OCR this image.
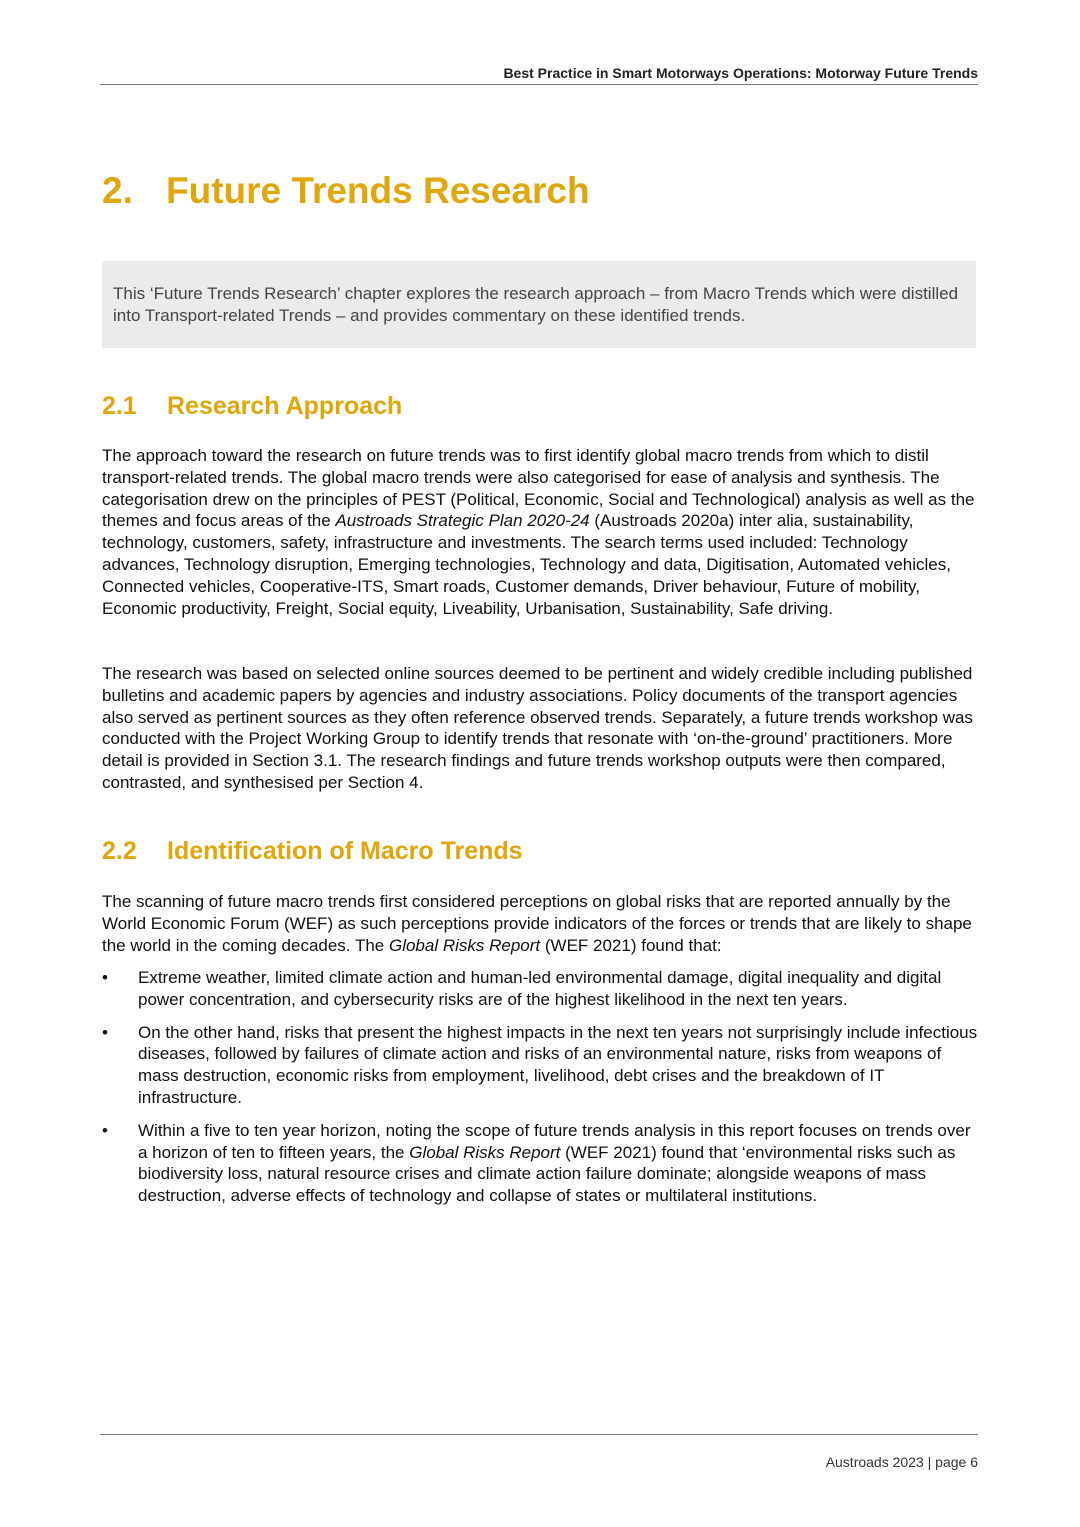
Best Practice in Smart Motorways Operations: Motorway Future Trends
2. Future Trends Research

This ‘Future Trends Research’ chapter explores the research approach – from Macro Trends which were distilled into Transport-related Trends – and provides commentary on these identified trends.

2.1 Research Approach

The approach toward the research on future trends was to first identify global macro trends from which to distil transport-related trends. The global macro trends were also categorised for ease of analysis and synthesis. The categorisation drew on the principles of PEST (Political, Economic, Social and Technological) analysis as well as the themes and focus areas of the Austroads Strategic Plan 2020-24 (Austroads 2020a) inter alia, sustainability, technology, customers, safety, infrastructure and investments. The search terms used included: Technology advances, Technology disruption, Emerging technologies, Technology and data, Digitisation, Automated vehicles, Connected vehicles, Cooperative-ITS, Smart roads, Customer demands, Driver behaviour, Future of mobility, Economic productivity, Freight, Social equity, Liveability, Urbanisation, Sustainability, Safe driving.

The research was based on selected online sources deemed to be pertinent and widely credible including published bulletins and academic papers by agencies and industry associations. Policy documents of the transport agencies also served as pertinent sources as they often reference observed trends. Separately, a future trends workshop was conducted with the Project Working Group to identify trends that resonate with ‘on-the-ground’ practitioners. More detail is provided in Section 3.1. The research findings and future trends workshop outputs were then compared, contrasted, and synthesised per Section 4.

2.2 Identification of Macro Trends

The scanning of future macro trends first considered perceptions on global risks that are reported annually by the World Economic Forum (WEF) as such perceptions provide indicators of the forces or trends that are likely to shape the world in the coming decades. The Global Risks Report (WEF 2021) found that:

•	Extreme weather, limited climate action and human-led environmental damage, digital inequality and digital power concentration, and cybersecurity risks are of the highest likelihood in the next ten years.
•	On the other hand, risks that present the highest impacts in the next ten years not surprisingly include infectious diseases, followed by failures of climate action and risks of an environmental nature, risks from weapons of mass destruction, economic risks from employment, livelihood, debt crises and the breakdown of IT infrastructure.
•	Within a five to ten year horizon, noting the scope of future trends analysis in this report focuses on trends over a horizon of ten to fifteen years, the Global Risks Report (WEF 2021) found that ‘environmental risks such as biodiversity loss, natural resource crises and climate action failure dominate; alongside weapons of mass destruction, adverse effects of technology and collapse of states or multilateral institutions.
Austroads 2023 | page 6
